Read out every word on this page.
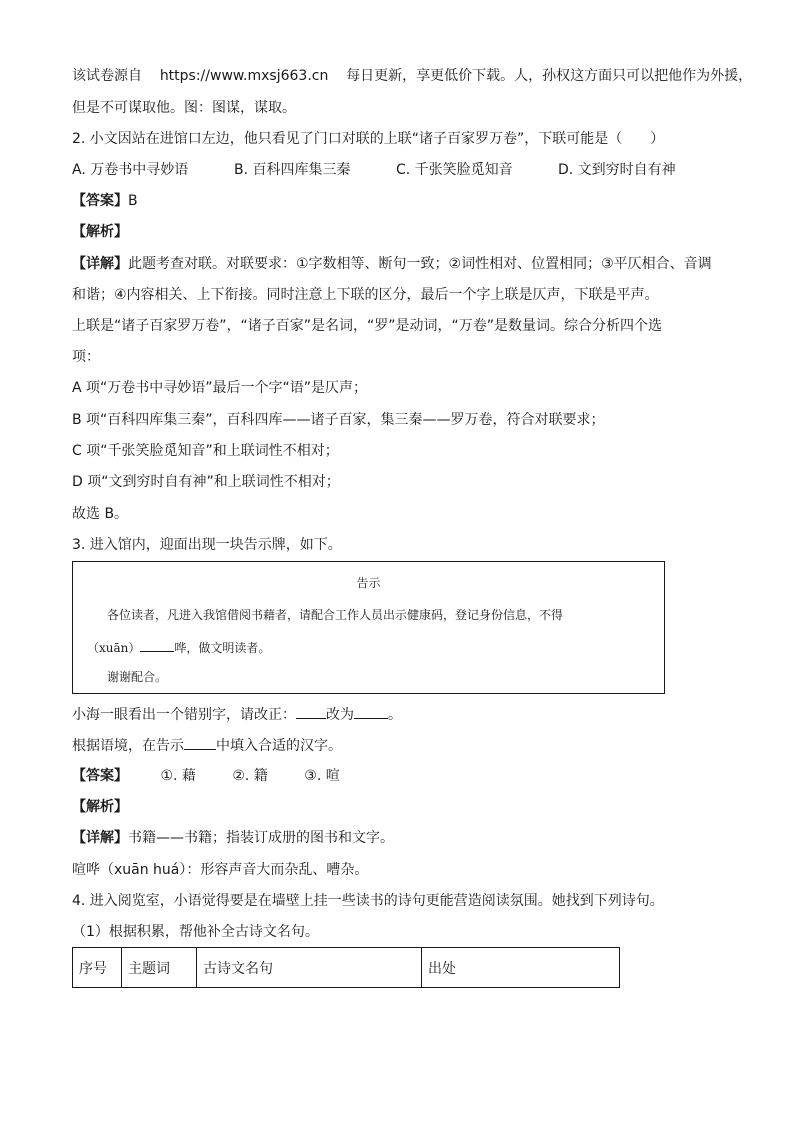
该试卷源自 https://www.mxsj663.cn 每日更新，享更低价下载。人，孙权这方面只可以把他作为外援，
但是不可谋取他。图：图谋，谋取。
2. 小文因站在进馆口左边，他只看见了门口对联的上联“诸子百家罗万卷”，下联可能是（　　）
A. 万卷书中寻妙语	B. 百科四库集三秦	C. 千张笑脸觅知音	D. 文到穷时自有神
【答案】B
【解析】
【详解】此题考查对联。对联要求：①字数相等、断句一致；②词性相对、位置相同；③平仄相合、音调
和谐；④内容相关、上下衔接。同时注意上下联的区分，最后一个字上联是仄声，下联是平声。
上联是“诸子百家罗万卷”，“诸子百家”是名词，“罗”是动词，“万卷”是数量词。综合分析四个选
项：
A 项“万卷书中寻妙语”最后一个字“语”是仄声；
B 项“百科四库集三秦”，百科四库——诸子百家，集三秦——罗万卷，符合对联要求；
C 项“千张笑脸觅知音”和上联词性不相对；
D 项“文到穷时自有神”和上联词性不相对；
故选 B。
3. 进入馆内，迎面出现一块告示牌，如下。
告示
各位读者，凡进入我馆借阅书藉者，请配合工作人员出示健康码，登记身份信息，不得
（xuān）	哗，做文明读者。
谢谢配合。
小海一眼看出一个错别字，请改正： 改为 。
根据语境，在告示 中填入合适的汉字。
【答案】 ①. 藉	②. 籍	③. 喧
【解析】
【详解】书籍——书籍；指装订成册的图书和文字。
喧哗（xuān huá）：形容声音大而杂乱、嘈杂。
4. 进入阅览室，小语觉得要是在墙壁上挂一些读书的诗句更能营造阅读氛围。她找到下列诗句。
（1）根据积累，帮他补全古诗文名句。
序号	主题词	古诗文名句	出处
